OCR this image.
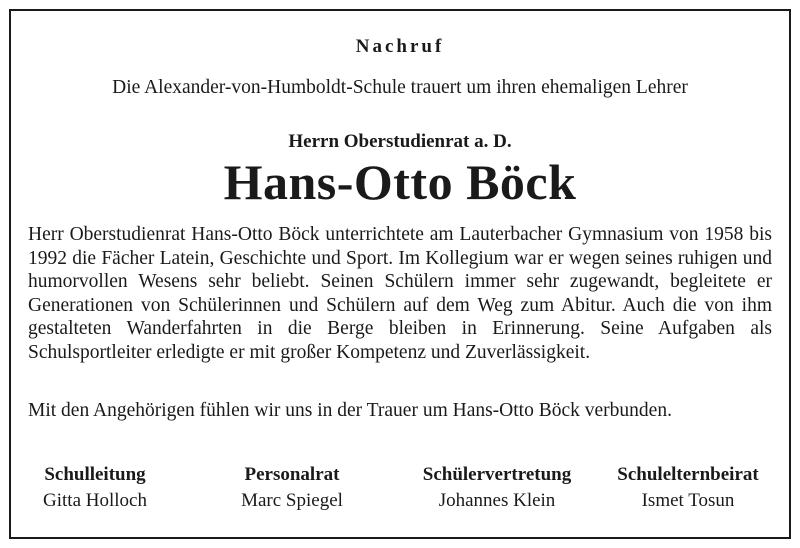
Nachruf
Die Alexander-von-Humboldt-Schule trauert um ihren ehemaligen Lehrer
Herrn Oberstudienrat a. D.
Hans-Otto Böck
Herr Oberstudienrat Hans-Otto Böck unterrichtete am Lauterbacher Gymnasium von 1958 bis 1992 die Fächer Latein, Geschichte und Sport. Im Kollegium war er wegen seines ruhigen und humorvollen Wesens sehr beliebt. Seinen Schülern immer sehr zugewandt, begleitete er Generationen von Schülerinnen und Schülern auf dem Weg zum Abitur. Auch die von ihm gestalteten Wanderfahrten in die Berge bleiben in Erinnerung. Seine Aufgaben als Schulsportleiter erledigte er mit großer Kompetenz und Zuverlässigkeit.
Mit den Angehörigen fühlen wir uns in der Trauer um Hans-Otto Böck verbunden.
Schulleitung
Gitta Holloch
Personalrat
Marc Spiegel
Schülervertretung
Johannes Klein
Schulelternbeirat
Ismet Tosun
